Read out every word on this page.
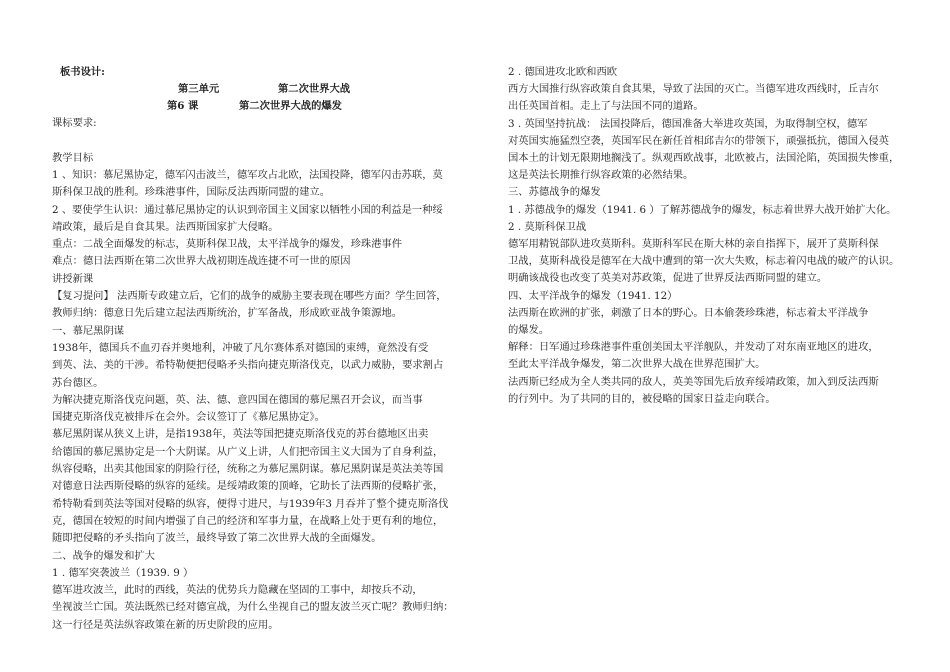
板书设计:
第三单元	第二次世界大战
第6 课	第二次世界大战的爆发
课标要求:
教学目标
1 、知识：慕尼黑协定，德军闪击波兰，德军攻占北欧，法国投降，德军闪击苏联，莫
斯科保卫战的胜利。珍珠港事件，国际反法西斯同盟的建立。
2 、要使学生认识：通过慕尼黑协定的认识到帝国主义国家以牺牲小国的利益是一种绥
靖政策，最后是自食其果。法西斯国家扩大侵略。
重点：二战全面爆发的标志，莫斯科保卫战，太平洋战争的爆发，珍珠港事件
难点：德日法西斯在第二次世界大战初期连战连捷不可一世的原因
讲授新课
【复习提问】 法西斯专政建立后，它们的战争的威胁主要表现在哪些方面？学生回答，
教师归纳：德意日先后建立起法西斯统治，扩军备战，形成欧亚战争策源地。
一、慕尼黑阴谋
1938年，德国兵不血刃吞并奥地利，冲破了凡尔赛体系对德国的束缚，竟然没有受
到英、法、美的干涉。希特勒便把侵略矛头指向捷克斯洛伐克，以武力威胁，要求割占
苏台德区。
为解决捷克斯洛伐克问题，英、法、德、意四国在德国的慕尼黑召开会议，而当事
国捷克斯洛伐克被排斥在会外。会议签订了《慕尼黑协定》。
慕尼黑阴谋从狭义上讲，是指1938年，英法等国把捷克斯洛伐克的苏台德地区出卖
给德国的慕尼黑协定是一个大阴谋。从广义上讲，人们把帝国主义大国为了自身利益，
纵容侵略，出卖其他国家的阴险行径，统称之为慕尼黑阴谋。慕尼黑阴谋是英法美等国
对德意日法西斯侵略的纵容的延续。是绥靖政策的顶峰，它助长了法西斯的侵略扩张，
希特勒看到英法等国对侵略的纵容，便得寸进尺，与1939年3 月吞并了整个捷克斯洛伐
克，德国在较短的时间内增强了自己的经济和军事力量，在战略上处于更有利的地位，
随即把侵略的矛头指向了波兰，最终导致了第二次世界大战的全面爆发。
二、战争的爆发和扩大
1 . 德军突袭波兰（1939. 9 ）
德军进攻波兰，此时的西线，英法的优势兵力隐藏在坚固的工事中，却按兵不动，
坐视波兰亡国。英法既然已经对德宣战，为什么坐视自己的盟友波兰灭亡呢？教师归纳：
这一行径是英法纵容政策在新的历史阶段的应用。
2 . 德国进攻北欧和西欧
西方大国推行纵容政策自食其果，导致了法国的灭亡。当德军进攻西线时，丘吉尔
出任英国首相。走上了与法国不同的道路。
3 . 英国坚持抗战： 法国投降后，德国准备大举进攻英国，为取得制空权，德军
对英国实施猛烈空袭，英国军民在新任首相邱吉尔的带领下，顽强抵抗，德国入侵英
国本土的计划无限期地搁浅了。纵观西欧战事，北欧被占，法国沦陷，英国损失惨重，
这是英法长期推行纵容政策的必然结果。
三、苏德战争的爆发
1 . 苏德战争的爆发（1941. 6 ）了解苏德战争的爆发，标志着世界大战开始扩大化。
2 . 莫斯科保卫战
德军用精锐部队进攻莫斯科。莫斯科军民在斯大林的亲自指挥下，展开了莫斯科保
卫战，莫斯科战役是德军在大战中遭到的第一次大失败，标志着闪电战的破产的认识。
明确该战役也改变了英美对苏政策，促进了世界反法西斯同盟的建立。
四、太平洋战争的爆发（1941. 12）
法西斯在欧洲的扩张，刺激了日本的野心。日本偷袭珍珠港，标志着太平洋战争
的爆发。
解释：日军通过珍珠港事件重创美国太平洋舰队，并发动了对东南亚地区的进攻，
至此太平洋战争爆发，第二次世界大战在世界范围扩大。
法西斯已经成为全人类共同的敌人，英美等国先后放弃绥靖政策，加入到反法西斯
的行列中。为了共同的目的，被侵略的国家日益走向联合。
